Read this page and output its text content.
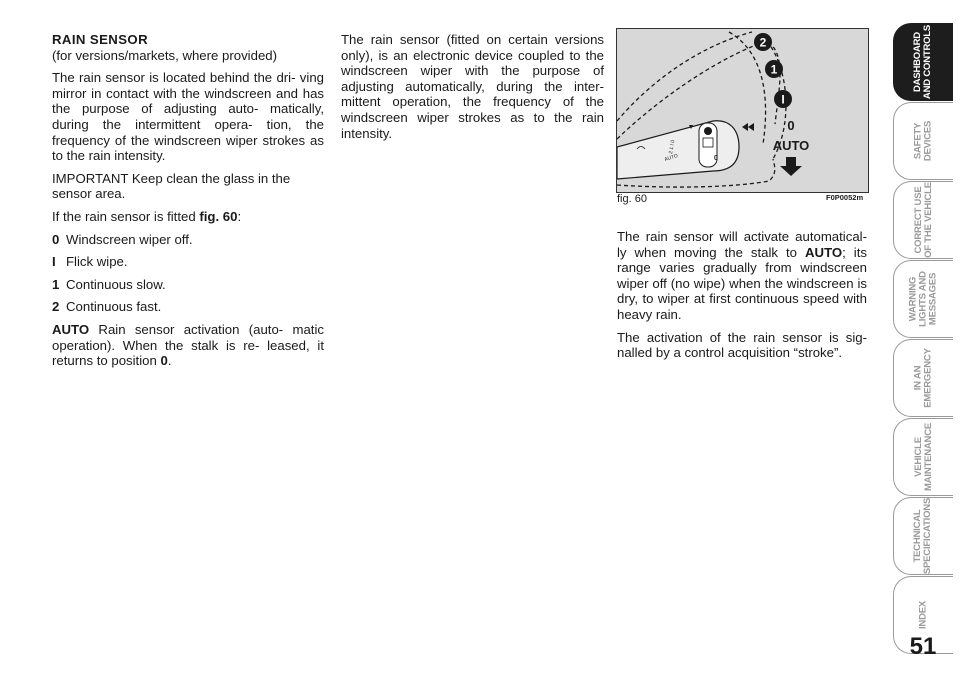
RAIN SENSOR

(for versions/markets, where provided)

The rain sensor is located behind the dri- ving mirror in contact with the windscreen and has the purpose of adjusting auto- matically, during the intermittent opera- tion, the frequency of the windscreen wiper strokes as to the rain intensity.

IMPORTANT Keep clean the glass in the sensor area.

If the rain sensor is fitted fig. 60:

0 Windscreen wiper off.
I Flick wipe.
1 Continuous slow.
2 Continuous fast.

AUTO Rain sensor activation (auto- matic operation). When the stalk is re- leased, it returns to position 0.

The rain sensor (fitted on certain versions only), is an electronic device coupled to the windscreen wiper with the purpose of adjusting automatically, during the inter- mittent operation, the frequency of the windscreen wiper strokes as to the rain intensity.

0
2 1 I 0
AUTO
2
1
I
0
AUTO
fig. 60	F0P0052m

The rain sensor will activate automatical- ly when moving the stalk to AUTO; its range varies gradually from windscreen wiper off (no wipe) when the windscreen is dry, to wiper at first continuous speed with heavy rain.

The activation of the rain sensor is sig- nalled by a control acquisition “stroke”.

DASHBOARD
AND CONTROLS
SAFETY
DEVICES
CORRECT USE
OF THE VEHICLE
WARNING
LIGHTS AND
MESSAGES
IN AN
EMERGENCY
VEHICLE
MAINTENANCE
TECHNICAL
SPECIFICATIONS
INDEX
51
